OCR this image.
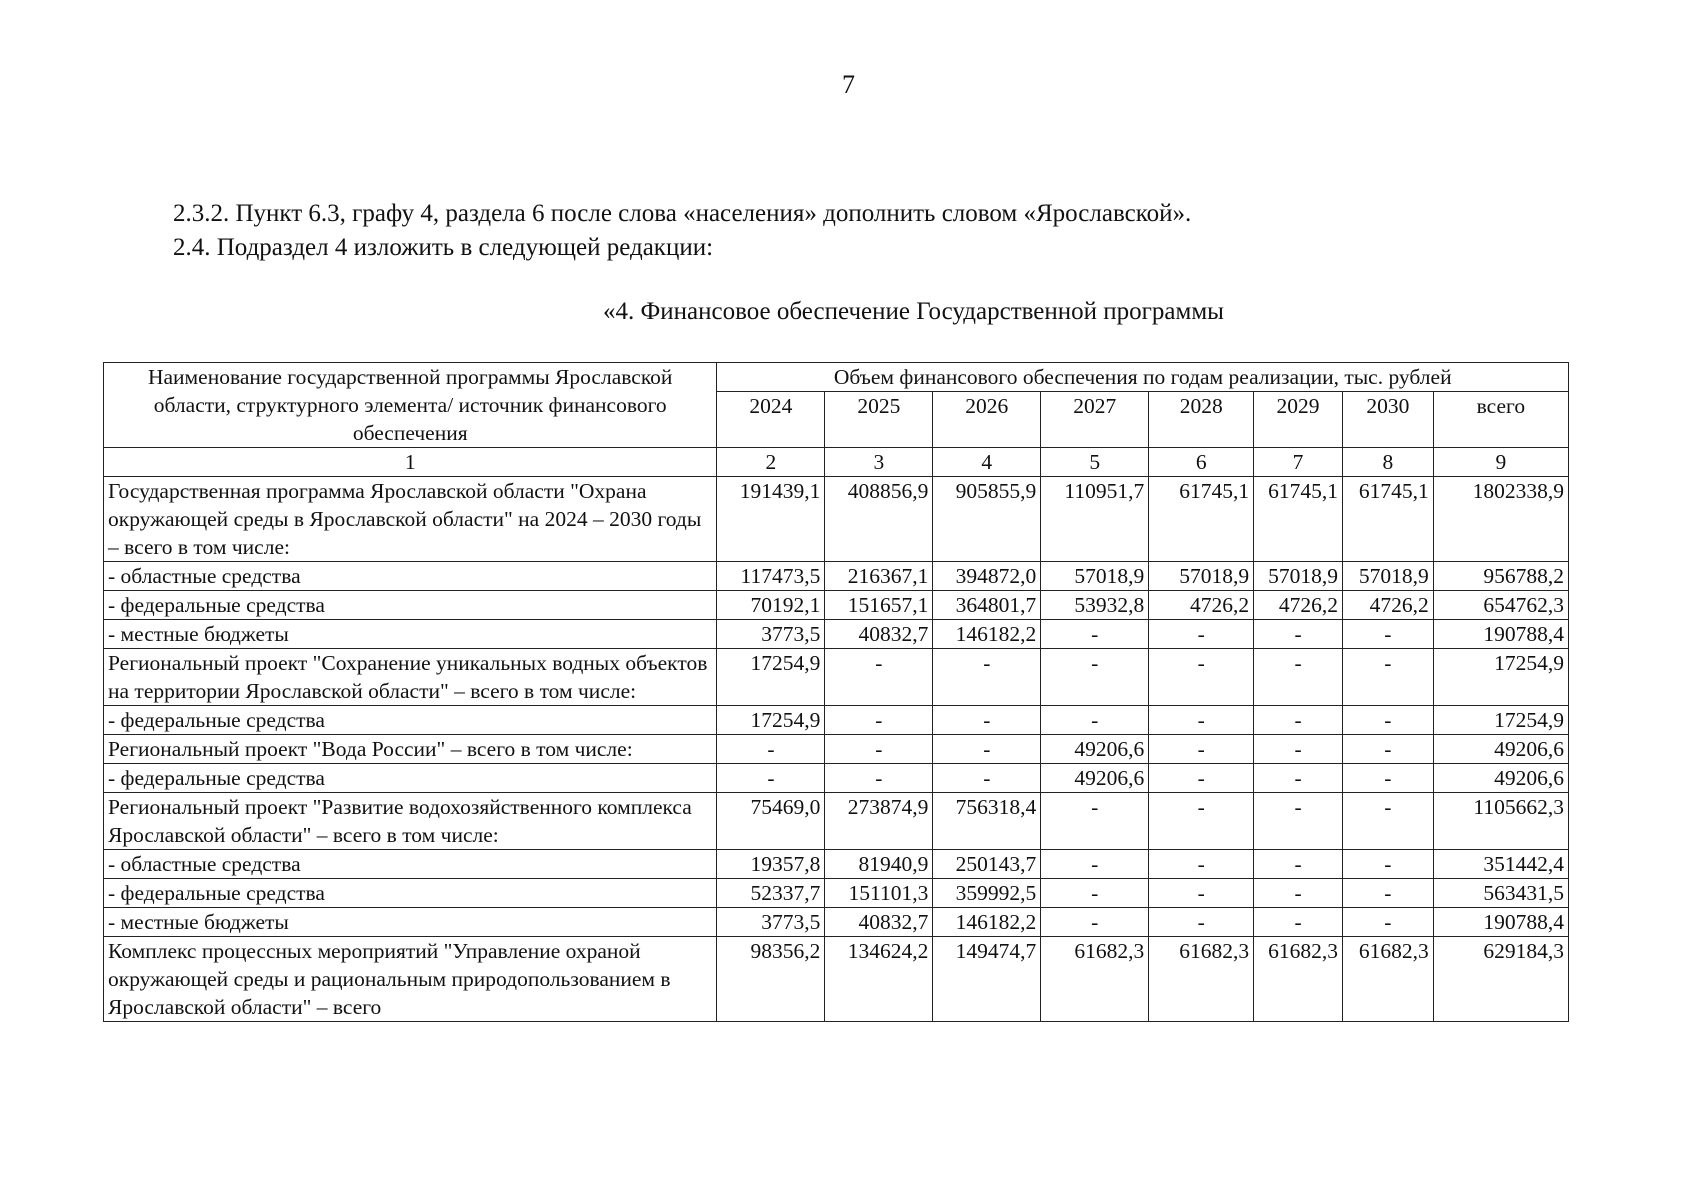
7
2.3.2. Пункт 6.3, графу 4, раздела 6 после слова «населения» дополнить словом «Ярославской».
2.4. Подраздел 4 изложить в следующей редакции:
«4. Финансовое обеспечение Государственной программы
Наименование государственной программы Ярославской области, структурного элемента/ источник финансового обеспечения	Объем финансового обеспечения по годам реализации, тыс. рублей							
	2024	2025	2026	2027	2028	2029	2030	всего
1	2	3	4	5	6	7	8	9
Государственная программа Ярославской области "Охрана окружающей среды в Ярославской области" на 2024 – 2030 годы – всего в том числе:	191439,1	408856,9	905855,9	110951,7	61745,1	61745,1	61745,1	1802338,9
- областные средства	117473,5	216367,1	394872,0	57018,9	57018,9	57018,9	57018,9	956788,2
- федеральные средства	70192,1	151657,1	364801,7	53932,8	4726,2	4726,2	4726,2	654762,3
- местные бюджеты	3773,5	40832,7	146182,2	-	-	-	-	190788,4
Региональный проект "Сохранение уникальных водных объектов на территории Ярославской области" – всего в том числе:	17254,9	-	-	-	-	-	-	17254,9
- федеральные средства	17254,9	-	-	-	-	-	-	17254,9
Региональный проект "Вода России" – всего в том числе:	-	-	-	49206,6	-	-	-	49206,6
- федеральные средства	-	-	-	49206,6	-	-	-	49206,6
Региональный проект "Развитие водохозяйственного комплекса Ярославской области" – всего в том числе:	75469,0	273874,9	756318,4	-	-	-	-	1105662,3
- областные средства	19357,8	81940,9	250143,7	-	-	-	-	351442,4
- федеральные средства	52337,7	151101,3	359992,5	-	-	-	-	563431,5
- местные бюджеты	3773,5	40832,7	146182,2	-	-	-	-	190788,4
Комплекс процессных мероприятий "Управление охраной окружающей среды и рациональным природопользованием в Ярославской области" – всего	98356,2	134624,2	149474,7	61682,3	61682,3	61682,3	61682,3	629184,3
